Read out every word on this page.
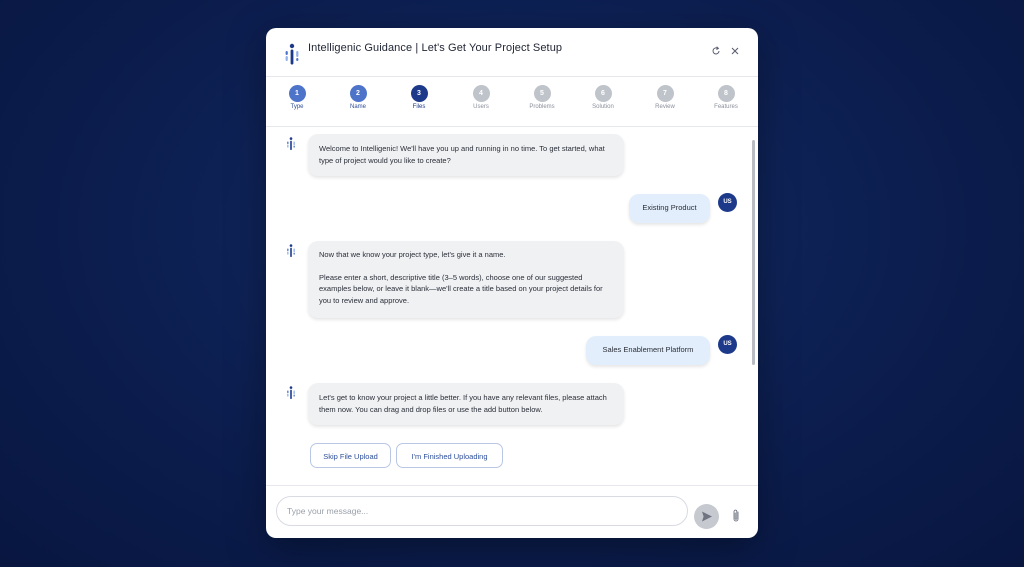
Intelligenic Guidance | Let's Get Your Project Setup
1
Type
2
Name
3
Files
4
Users
5
Problems
6
Solution
7
Review
8
Features
Welcome to Intelligenic! We'll have you up and running in no time. To get started, what type of project would you like to create?
Existing Product
US
Now that we know your project type, let's give it a name.
Please enter a short, descriptive title (3–5 words), choose one of our suggested examples below, or leave it blank—we'll create a title based on your project details for you to review and approve.
Sales Enablement Platform
US
Let's get to know your project a little better. If you have any relevant files, please attach them now. You can drag and drop files or use the add button below.
Skip File Upload	I'm Finished Uploading
Type your message...
